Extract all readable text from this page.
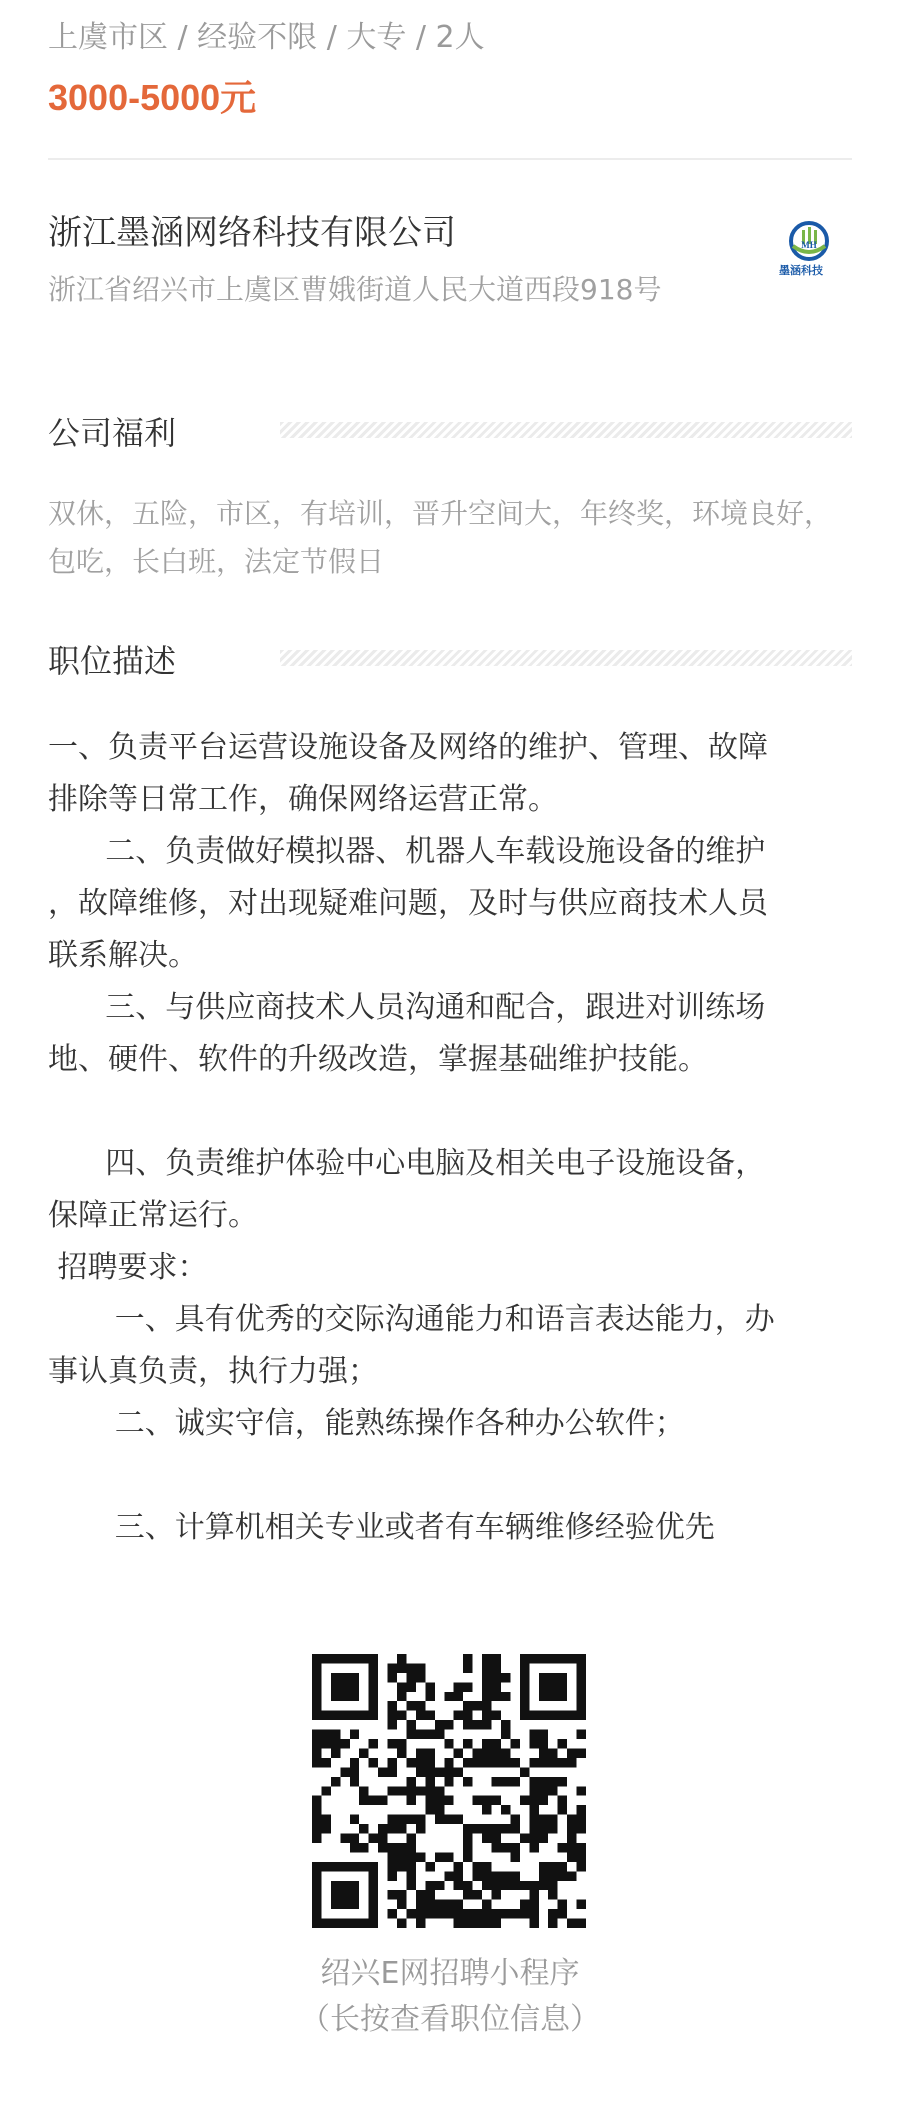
上虞市区 / 经验不限 / 大专 / 2人
3000-5000元
浙江墨涵网络科技有限公司
浙江省绍兴市上虞区曹娥街道人民大道西段918号
MH
墨涵科技
公司福利
双休，五险，市区，有培训，晋升空间大，年终奖，环境良好，包吃，长白班，法定节假日
职位描述
一、负责平台运营设施设备及网络的维护、管理、故障
排除等日常工作，确保网络运营正常。
二、负责做好模拟器、机器人车载设施设备的维护
，故障维修，对出现疑难问题，及时与供应商技术人员
联系解决。
三、与供应商技术人员沟通和配合，跟进对训练场
地、硬件、软件的升级改造，掌握基础维护技能。
四、负责维护体验中心电脑及相关电子设施设备，
保障正常运行。
招聘要求：
一、具有优秀的交际沟通能力和语言表达能力，办
事认真负责，执行力强；
二、诚实守信，能熟练操作各种办公软件；
三、计算机相关专业或者有车辆维修经验优先
绍兴E网招聘小程序
（长按查看职位信息）
